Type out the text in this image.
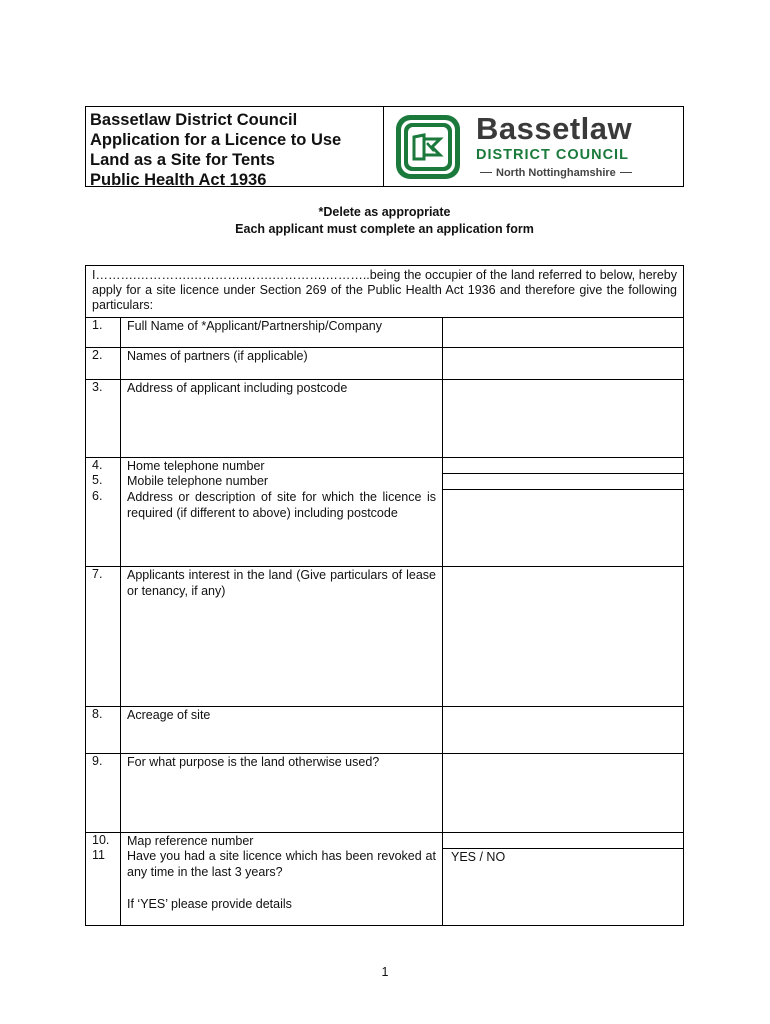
Bassetlaw District Council
Application for a Licence to Use
Land as a Site for Tents
Public Health Act 1936
Bassetlaw
DISTRICT COUNCIL
North Nottinghamshire
*Delete as appropriate
Each applicant must complete an application form
I……….………….………….…….………….………..being the occupier of the land referred to below, hereby apply for a site licence under Section 269 of the Public Health Act 1936 and therefore give the following particulars:
1. Full Name of *Applicant/Partnership/Company
2. Names of partners (if applicable)
3. Address of applicant including postcode
4. Home telephone number
5. Mobile telephone number
6. Address or description of site for which the licence is required (if different to above) including postcode
7. Applicants interest in the land (Give particulars of lease or tenancy, if any)
8. Acreage of site
9. For what purpose is the land otherwise used?
10. Map reference number
11 Have you had a site licence which has been revoked at any time in the last 3 years?

If ‘YES’ please provide details
YES / NO
1
